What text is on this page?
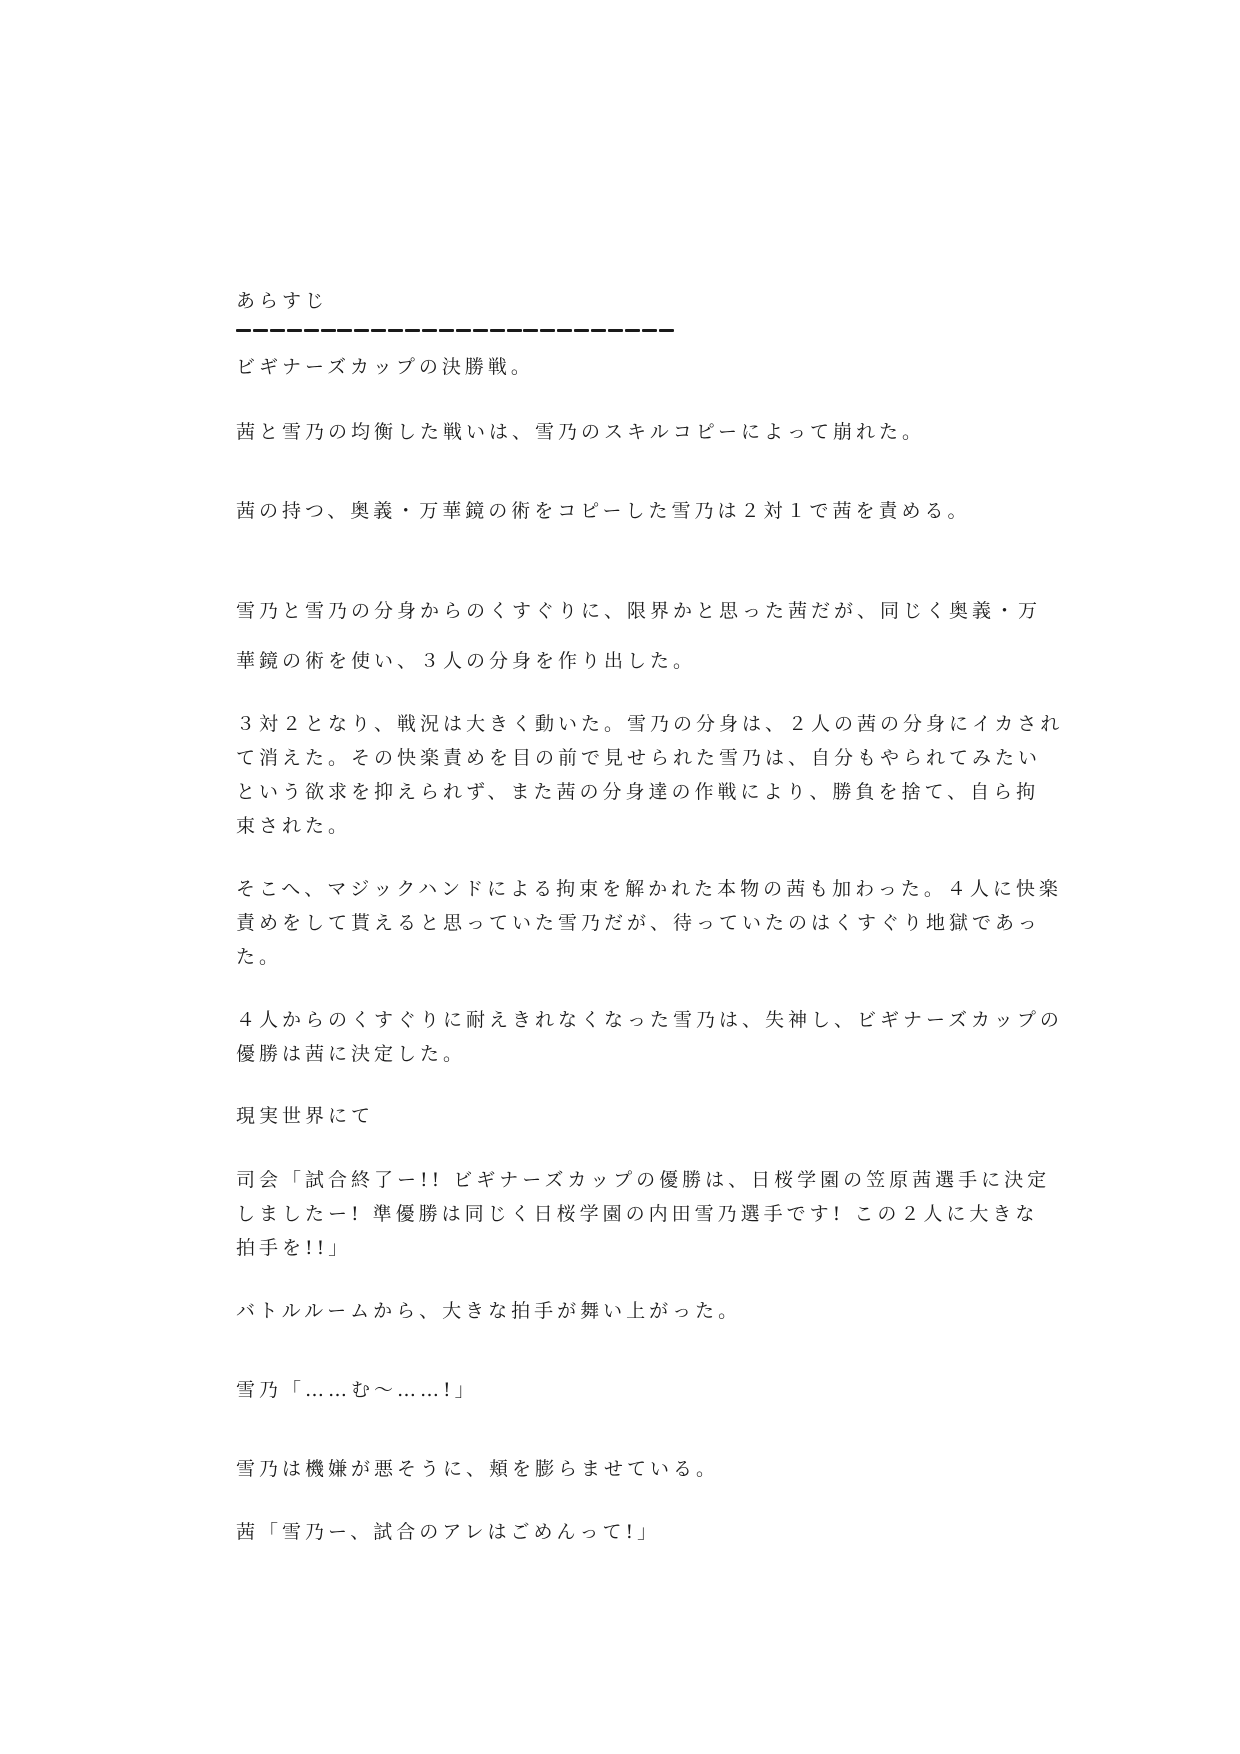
あらすじ
ビギナーズカップの決勝戦。
茜と雪乃の均衡した戦いは、雪乃のスキルコピーによって崩れた。
茜の持つ、奥義・万華鏡の術をコピーした雪乃は２対１で茜を責める。
雪乃と雪乃の分身からのくすぐりに、限界かと思った茜だが、同じく奥義・万
華鏡の術を使い、３人の分身を作り出した。
３対２となり、戦況は大きく動いた。雪乃の分身は、２人の茜の分身にイカされ
て消えた。その快楽責めを目の前で見せられた雪乃は、自分もやられてみたい
という欲求を抑えられず、また茜の分身達の作戦により、勝負を捨て、自ら拘
束された。
そこへ、マジックハンドによる拘束を解かれた本物の茜も加わった。４人に快楽
責めをして貰えると思っていた雪乃だが、待っていたのはくすぐり地獄であっ
た。
４人からのくすぐりに耐えきれなくなった雪乃は、失神し、ビギナーズカップの
優勝は茜に決定した。
現実世界にて
司会「試合終了ー!! ビギナーズカップの優勝は、日桜学園の笠原茜選手に決定
しましたー! 準優勝は同じく日桜学園の内田雪乃選手です! この２人に大きな
拍手を!!」
バトルルームから、大きな拍手が舞い上がった。
雪乃「……む〜……!」
雪乃は機嫌が悪そうに、頬を膨らませている。
茜「雪乃ー、試合のアレはごめんって!」
